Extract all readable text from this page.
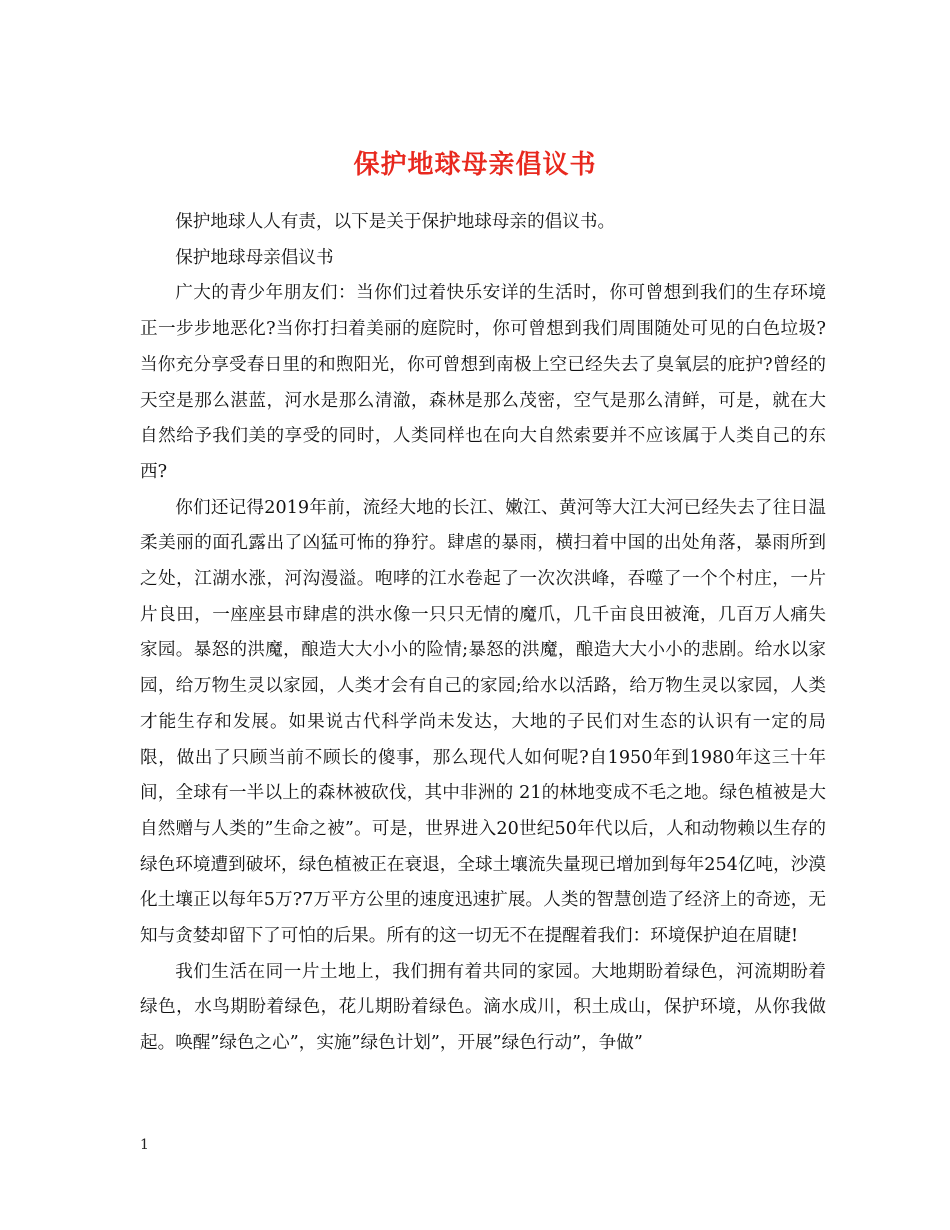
保护地球母亲倡议书

保护地球人人有责，以下是关于保护地球母亲的倡议书。

保护地球母亲倡议书

广大的青少年朋友们：当你们过着快乐安详的生活时，你可曾想到我们的生存环境正一步步地恶化?当你打扫着美丽的庭院时，你可曾想到我们周围随处可见的白色垃圾?当你充分享受春日里的和煦阳光，你可曾想到南极上空已经失去了臭氧层的庇护?曾经的天空是那么湛蓝，河水是那么清澈，森林是那么茂密，空气是那么清鲜，可是，就在大自然给予我们美的享受的同时，人类同样也在向大自然索要并不应该属于人类自己的东西?

你们还记得2019年前，流经大地的长江、嫩江、黄河等大江大河已经失去了往日温柔美丽的面孔露出了凶猛可怖的狰狞。肆虐的暴雨，横扫着中国的出处角落，暴雨所到之处，江湖水涨，河沟漫溢。咆哮的江水卷起了一次次洪峰，吞噬了一个个村庄，一片片良田，一座座县市肆虐的洪水像一只只无情的魔爪，几千亩良田被淹，几百万人痛失家园。暴怒的洪魔，酿造大大小小的险情;暴怒的洪魔，酿造大大小小的悲剧。给水以家园，给万物生灵以家园，人类才会有自己的家园;给水以活路，给万物生灵以家园，人类才能生存和发展。如果说古代科学尚未发达，大地的子民们对生态的认识有一定的局限，做出了只顾当前不顾长的傻事，那么现代人如何呢?自1950年到1980年这三十年间，全球有一半以上的森林被砍伐，其中非洲的 21的林地变成不毛之地。绿色植被是大自然赠与人类的”生命之被”。可是，世界进入20世纪50年代以后，人和动物赖以生存的绿色环境遭到破坏，绿色植被正在衰退，全球土壤流失量现已增加到每年254亿吨，沙漠化土壤正以每年5万?7万平方公里的速度迅速扩展。人类的智慧创造了经济上的奇迹，无知与贪婪却留下了可怕的后果。所有的这一切无不在提醒着我们：环境保护迫在眉睫!

我们生活在同一片土地上，我们拥有着共同的家园。大地期盼着绿色，河流期盼着绿色，水鸟期盼着绿色，花儿期盼着绿色。滴水成川，积土成山，保护环境，从你我做起。唤醒”绿色之心”，实施”绿色计划”，开展”绿色行动”，争做”

1
